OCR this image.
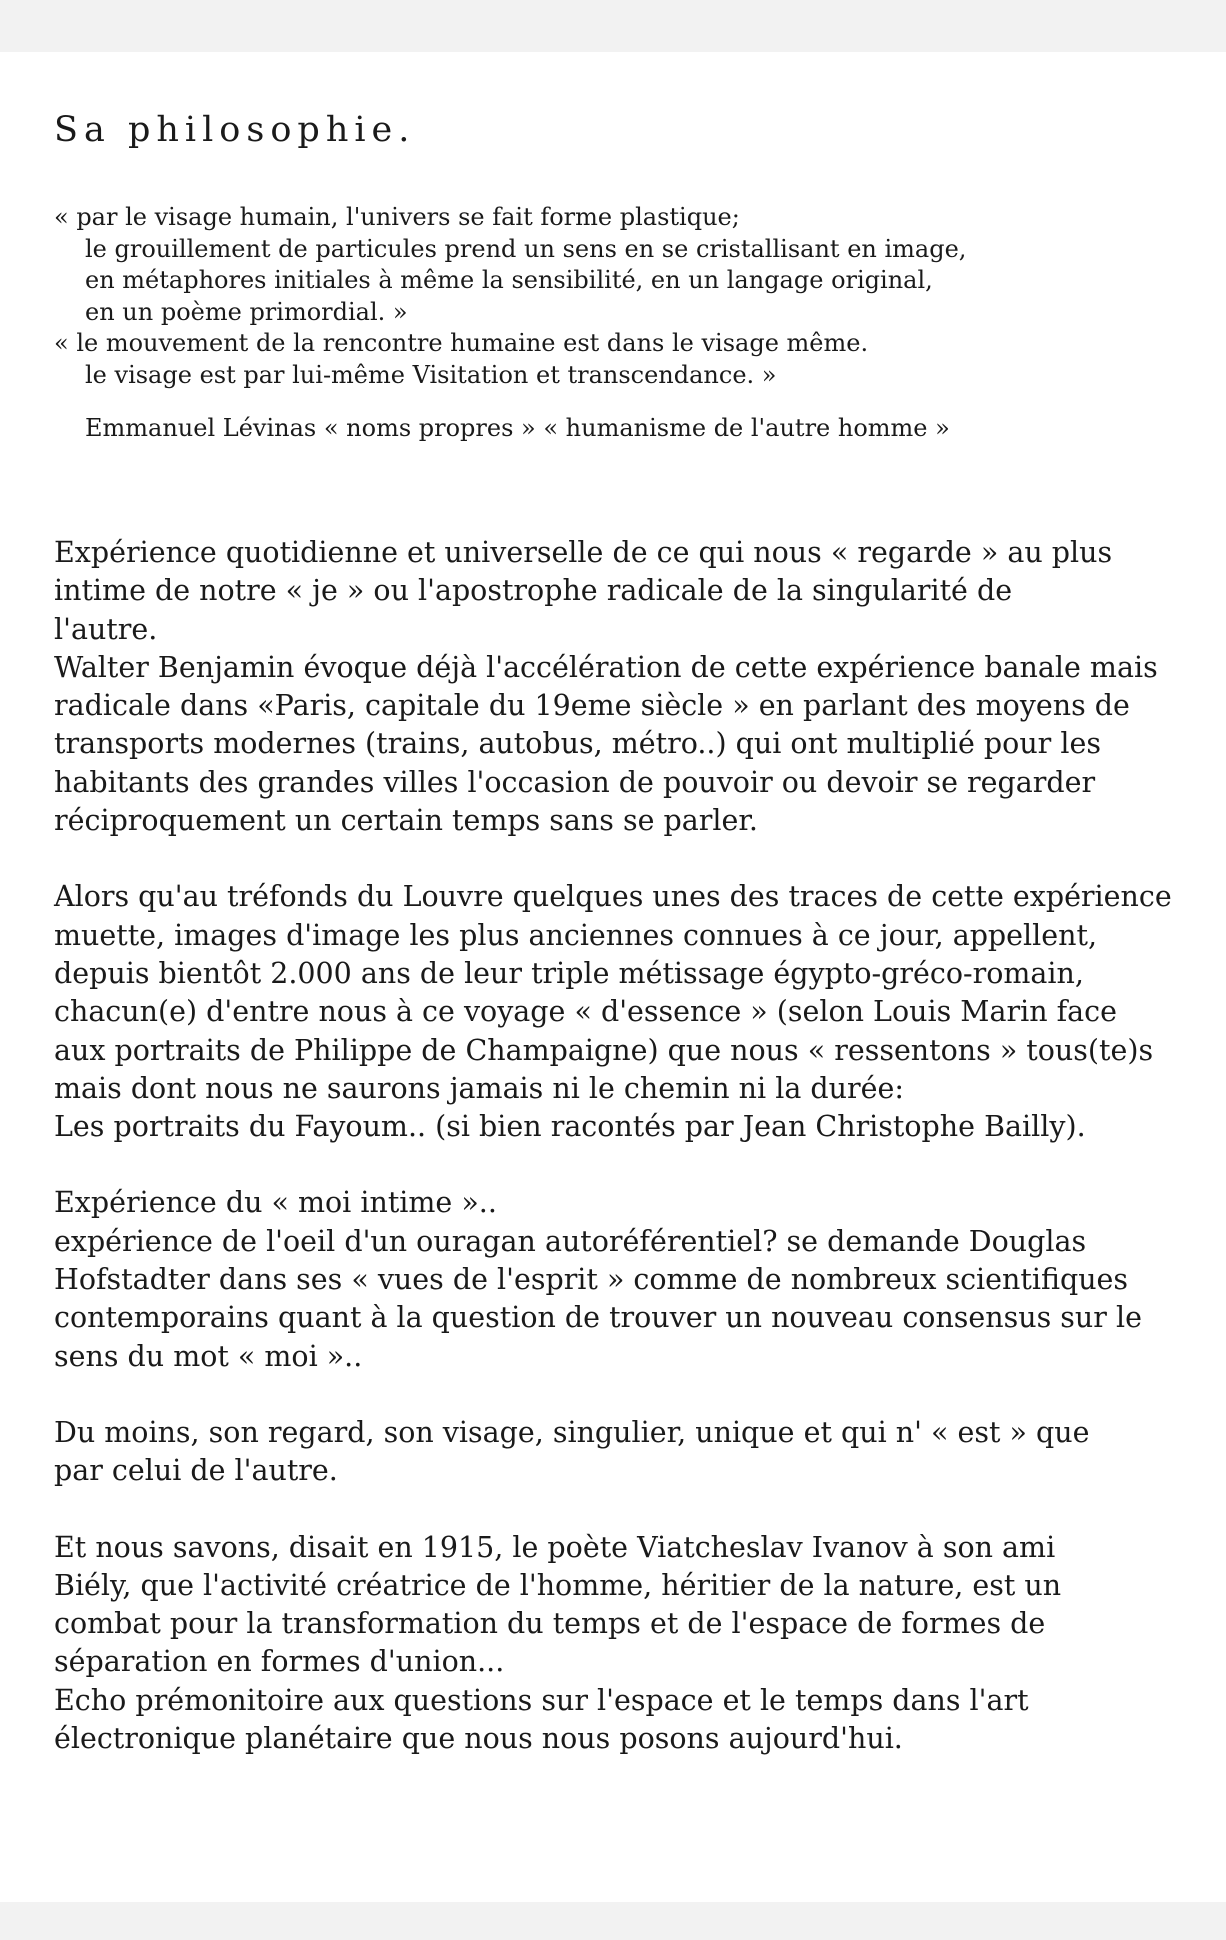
Sa philosophie.
« par le visage humain, l'univers se fait forme plastique;
le grouillement de particules prend un sens en se cristallisant en image,
en métaphores initiales à même la sensibilité, en un langage original,
en un poème primordial. »
« le mouvement de la rencontre humaine est dans le visage même.
le visage est par lui-même Visitation et transcendance. »
Emmanuel Lévinas « noms propres » « humanisme de l'autre homme »

Expérience quotidienne et universelle de ce qui nous « regarde » au plus
intime de notre « je » ou l'apostrophe radicale de la singularité de
l'autre.
Walter Benjamin évoque déjà l'accélération de cette expérience banale mais
radicale dans «Paris, capitale du 19eme siècle » en parlant des moyens de
transports modernes (trains, autobus, métro..) qui ont multiplié pour les
habitants des grandes villes l'occasion de pouvoir ou devoir se regarder
réciproquement un certain temps sans se parler.

Alors qu'au tréfonds du Louvre quelques unes des traces de cette expérience
muette, images d'image les plus anciennes connues à ce jour, appellent,
depuis bientôt 2.000 ans de leur triple métissage égypto-gréco-romain,
chacun(e) d'entre nous à ce voyage « d'essence » (selon Louis Marin face
aux portraits de Philippe de Champaigne) que nous « ressentons » tous(te)s
mais dont nous ne saurons jamais ni le chemin ni la durée:
Les portraits du Fayoum.. (si bien racontés par Jean Christophe Bailly).

Expérience du « moi intime »..
expérience de l'oeil d'un ouragan autoréférentiel? se demande Douglas
Hofstadter dans ses « vues de l'esprit » comme de nombreux scientifiques
contemporains quant à la question de trouver un nouveau consensus sur le
sens du mot « moi »..

Du moins, son regard, son visage, singulier, unique et qui n' « est » que
par celui de l'autre.

Et nous savons, disait en 1915, le poète Viatcheslav Ivanov à son ami
Biély, que l'activité créatrice de l'homme, héritier de la nature, est un
combat pour la transformation du temps et de l'espace de formes de
séparation en formes d'union...
Echo prémonitoire aux questions sur l'espace et le temps dans l'art
électronique planétaire que nous nous posons aujourd'hui.
